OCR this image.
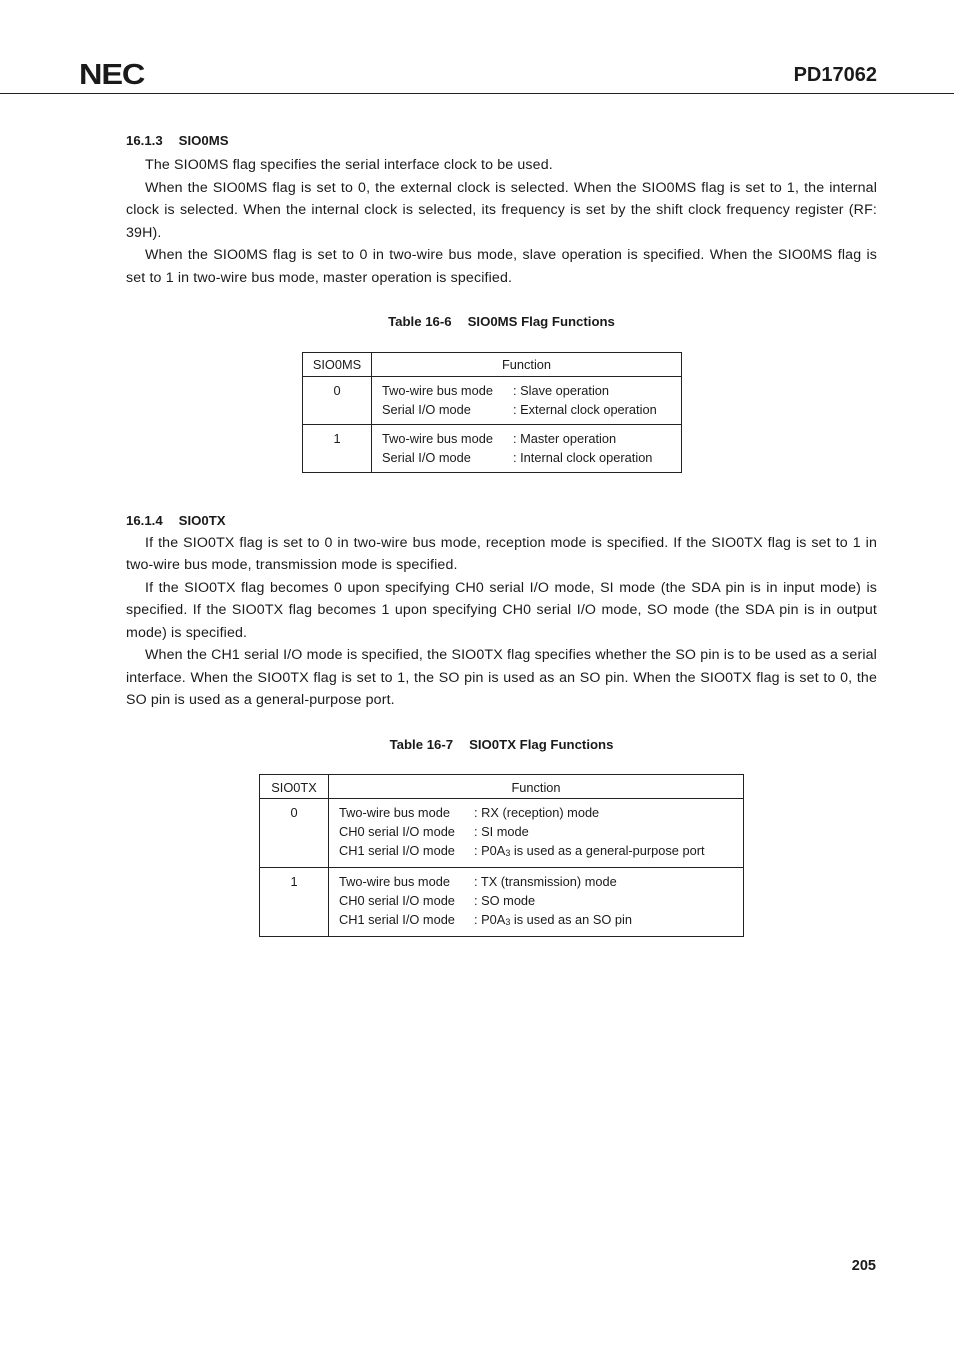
NEC	PD17062
16.1.3 SIO0MS

The SIO0MS flag specifies the serial interface clock to be used.

When the SIO0MS flag is set to 0, the external clock is selected. When the SIO0MS flag is set to 1, the internal clock is selected. When the internal clock is selected, its frequency is set by the shift clock frequency register (RF: 39H).

When the SIO0MS flag is set to 0 in two-wire bus mode, slave operation is specified. When the SIO0MS flag is set to 1 in two-wire bus mode, master operation is specified.

Table 16-6 SIO0MS Flag Functions
SIO0MS	Function
0	Two-wire bus mode : Slave operation
Serial I/O mode : External clock operation

1	Two-wire bus mode : Master operation
Serial I/O mode : Internal clock operation
16.1.4 SIO0TX

If the SIO0TX flag is set to 0 in two-wire bus mode, reception mode is specified. If the SIO0TX flag is set to 1 in two-wire bus mode, transmission mode is specified.

If the SIO0TX flag becomes 0 upon specifying CH0 serial I/O mode, SI mode (the SDA pin is in input mode) is specified. If the SIO0TX flag becomes 1 upon specifying CH0 serial I/O mode, SO mode (the SDA pin is in output mode) is specified.

When the CH1 serial I/O mode is specified, the SIO0TX flag specifies whether the SO pin is to be used as a serial interface. When the SIO0TX flag is set to 1, the SO pin is used as an SO pin. When the SIO0TX flag is set to 0, the SO pin is used as a general-purpose port.

Table 16-7 SIO0TX Flag Functions
SIO0TX	Function
0	Two-wire bus mode : RX (reception) mode
CH0 serial I/O mode : SI mode
CH1 serial I/O mode : $P0A_3$ is used as a general-purpose port

1	Two-wire bus mode : TX (transmission) mode
CH0 serial I/O mode : SO mode
CH1 serial I/O mode : $P0A_3$ is used as an SO pin
205
